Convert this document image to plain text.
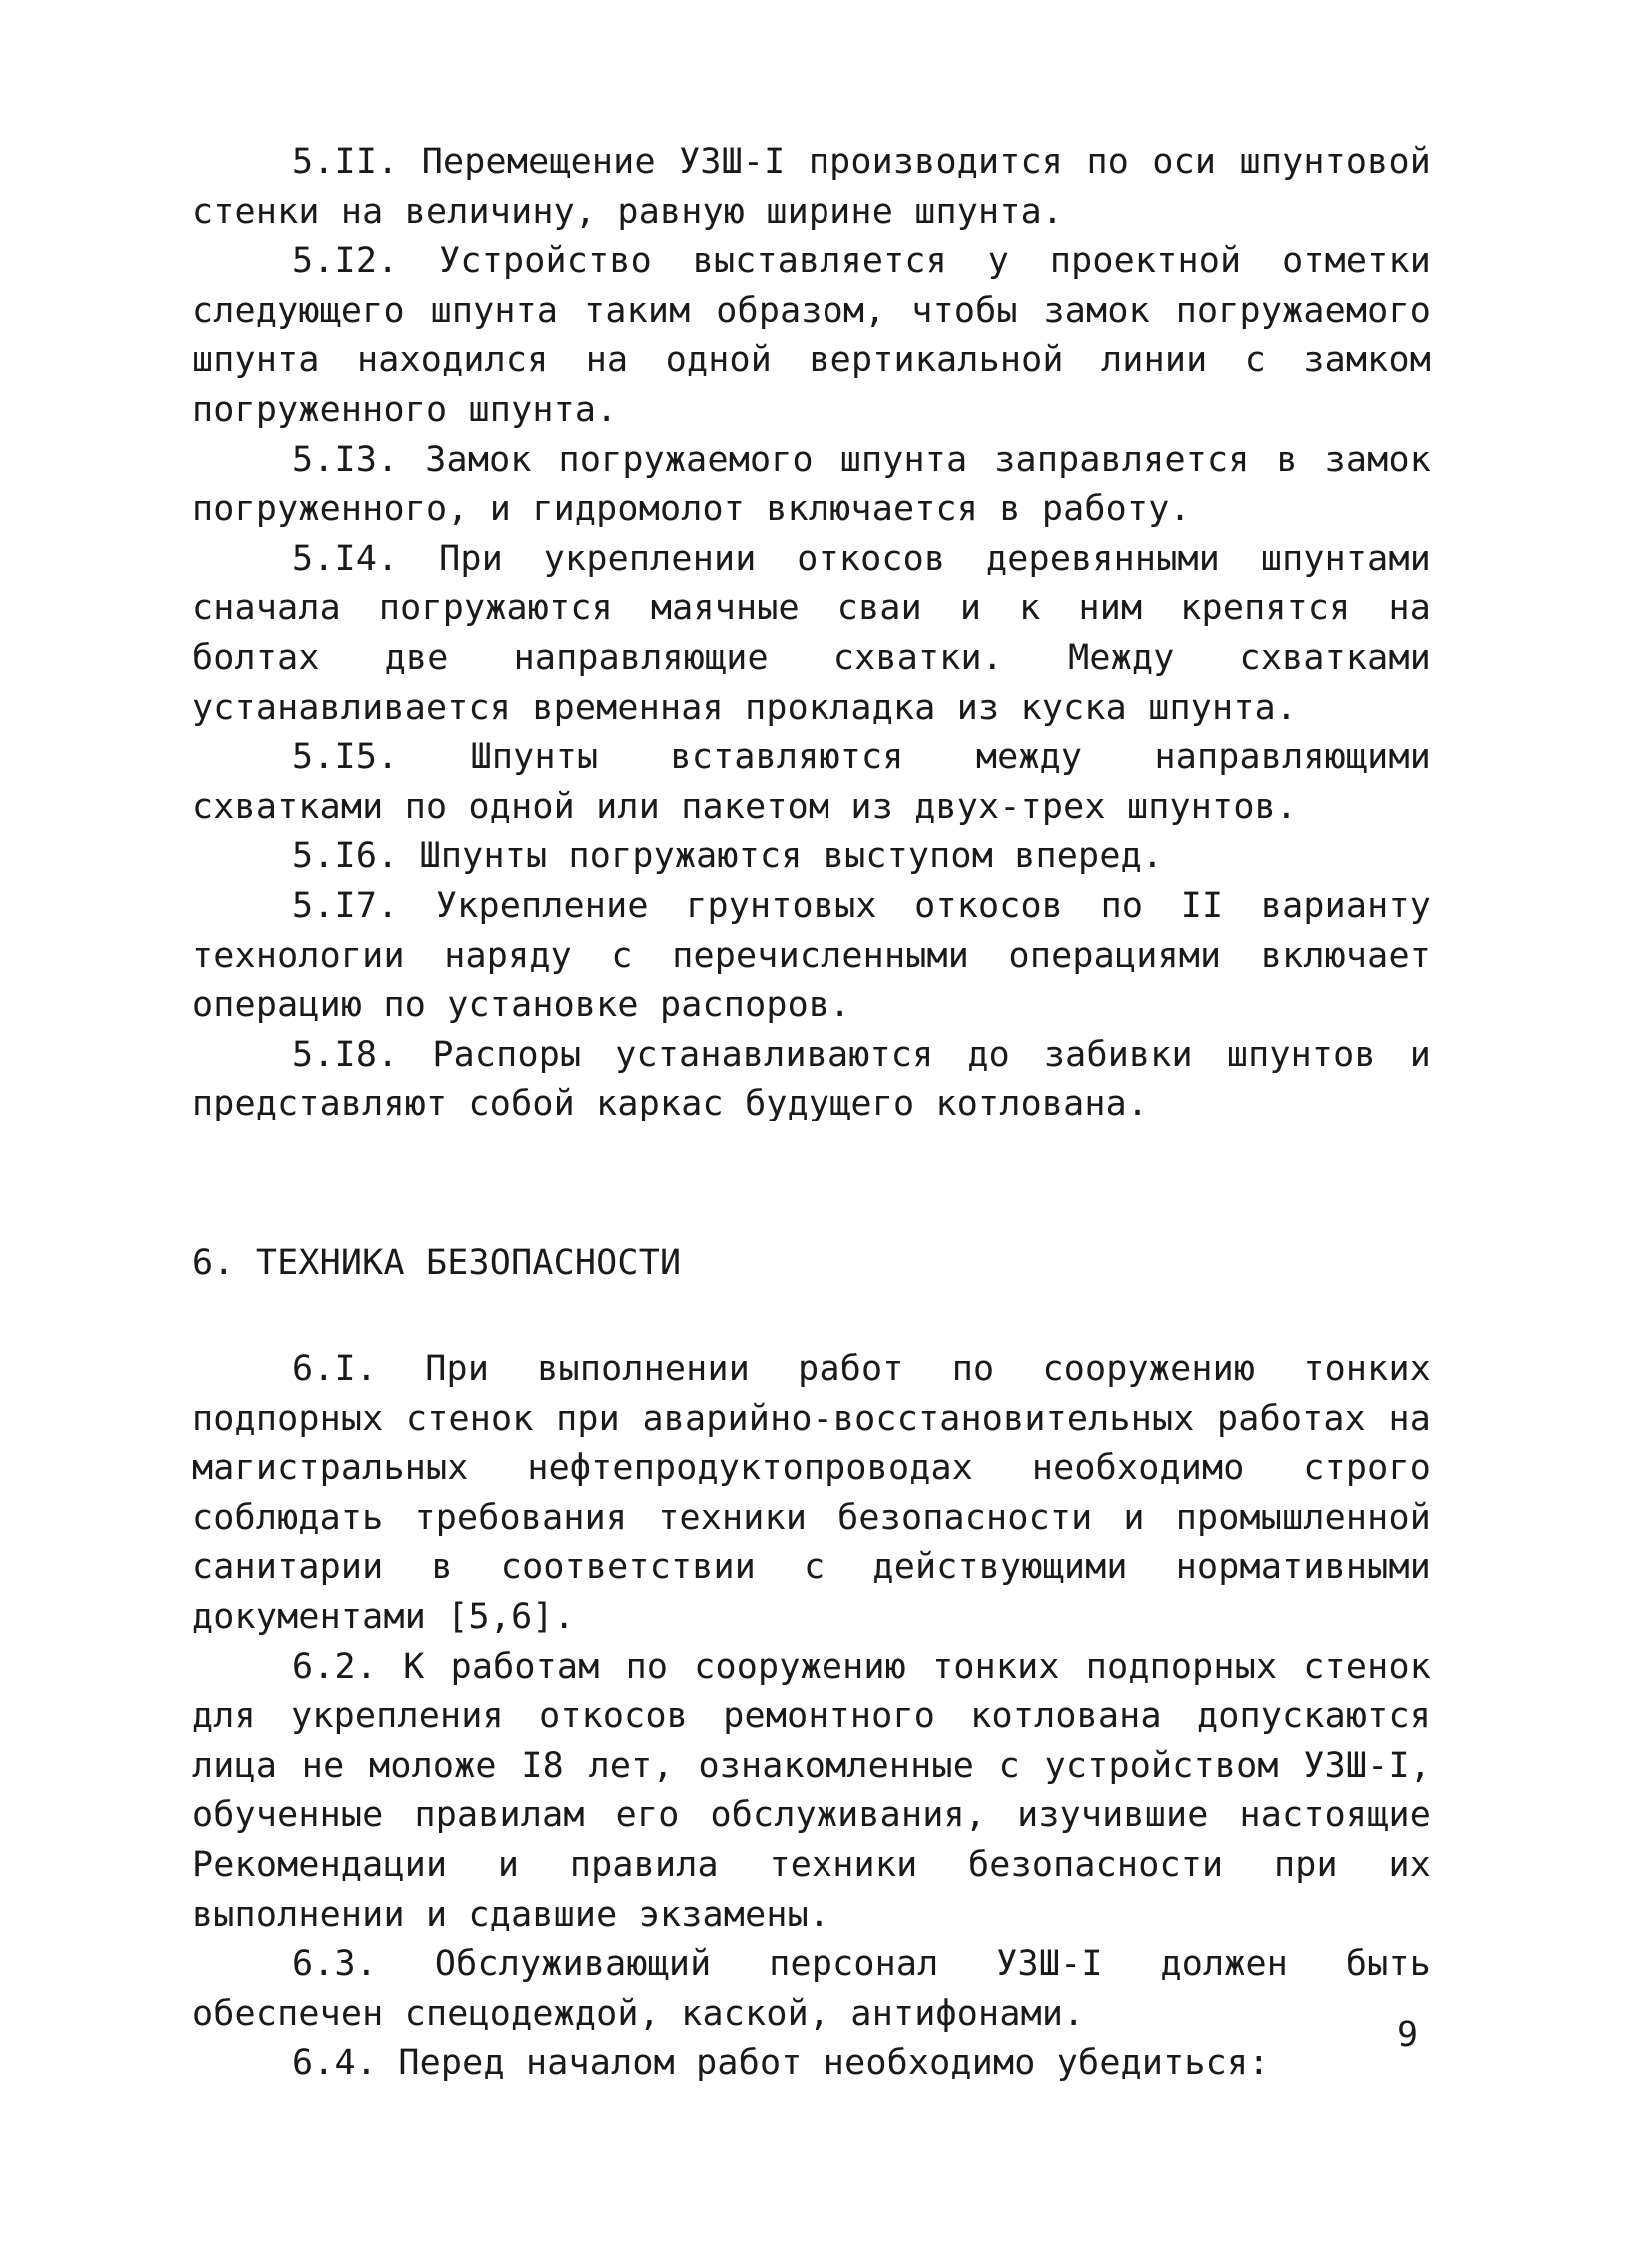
5.II. Перемещение УЗШ-I производится по оси шпунтовой стенки на величину, равную ширине шпунта.

5.I2. Устройство выставляется у проектной отметки следующего шпунта таким образом, чтобы замок погружаемого шпунта находился на одной вертикальной линии с замком погруженного шпунта.

5.I3. Замок погружаемого шпунта заправляется в замок погруженного, и гидромолот включается в работу.

5.I4. При укреплении откосов деревянными шпунтами сначала погружаются маячные сваи и к ним крепятся на болтах две направляющие схватки. Между схватками устанавливается временная прокладка из куска шпунта.

5.I5. Шпунты вставляются между направляющими схватками по одной или пакетом из двух-трех шпунтов.

5.I6. Шпунты погружаются выступом вперед.

5.I7. Укрепление грунтовых откосов по II варианту технологии наряду с перечисленными операциями включает операцию по установке распоров.

5.I8. Распоры устанавливаются до забивки шпунтов и представляют собой каркас будущего котлована.

6. ТЕХНИКА БЕЗОПАСНОСТИ

6.I. При выполнении работ по сооружению тонких подпорных стенок при аварийно-восстановительных работах на магистральных нефтепродуктопроводах необходимо строго соблюдать требования техники безопасности и промышленной санитарии в соответствии с действующими нормативными документами [5,6].

6.2. К работам по сооружению тонких подпорных стенок для укрепления откосов ремонтного котлована допускаются лица не моложе I8 лет, ознакомленные с устройством УЗШ-I, обученные правилам его обслуживания, изучившие настоящие Рекомендации и правила техники безопасности при их выполнении и сдавшие экзамены.

6.3. Обслуживающий персонал УЗШ-I должен быть обеспечен спецодеждой, каской, антифонами.

6.4. Перед началом работ необходимо убедиться:

9
